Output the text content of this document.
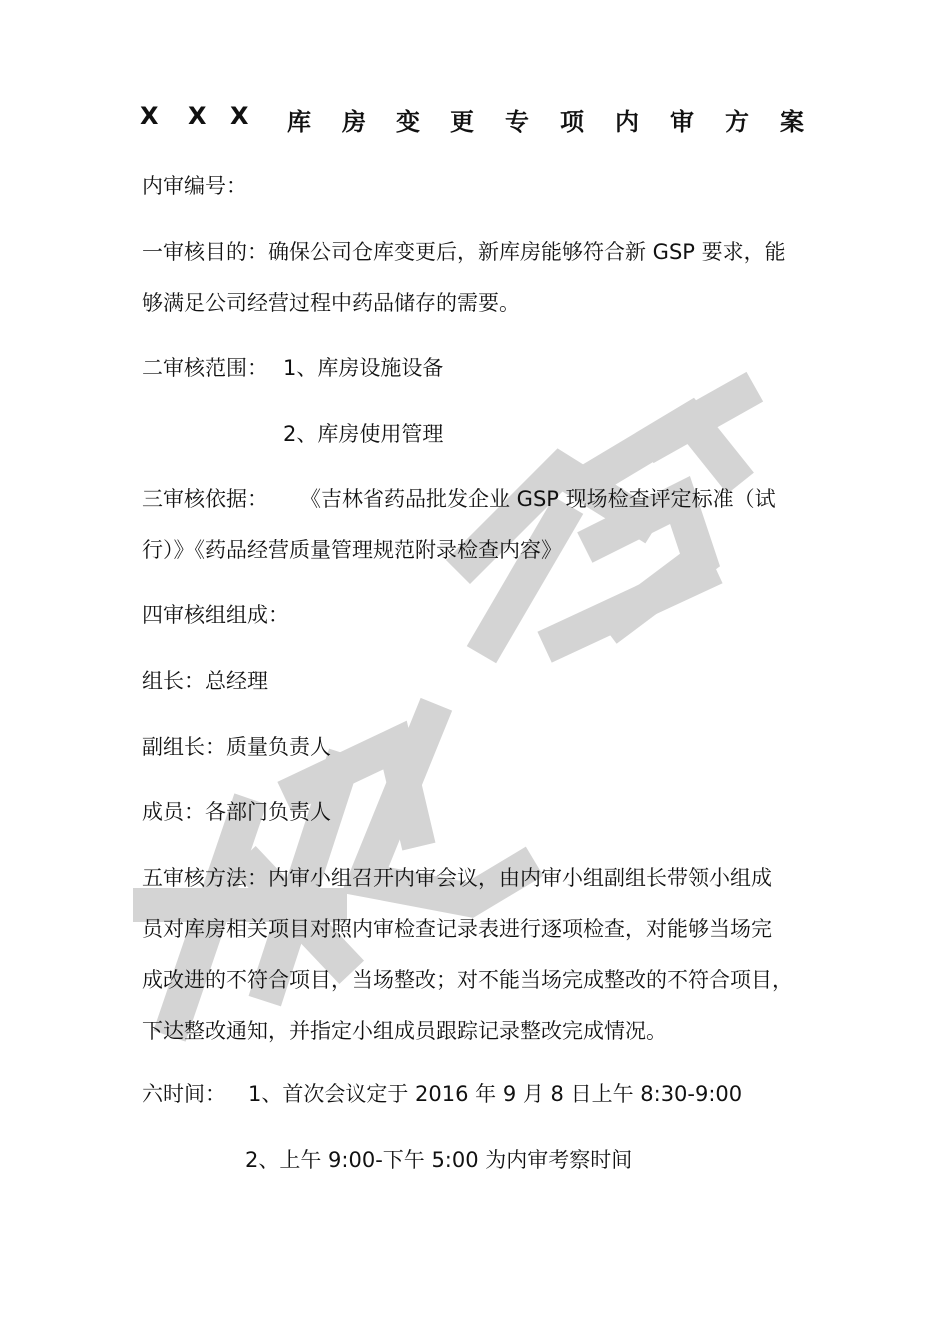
X X X 库 房 变 更 专 项 内 审 方 案
内审编号：
一审核目的：确保公司仓库变更后，新库房能够符合新 GSP 要求，能
够满足公司经营过程中药品储存的需要。
二审核范围： 1、库房设施设备
2、库房使用管理
三审核依据： 《吉林省药品批发企业 GSP 现场检查评定标准（试
行）》《药品经营质量管理规范附录检查内容》
四审核组组成：
组长：总经理
副组长：质量负责人
成员：各部门负责人
五审核方法：内审小组召开内审会议，由内审小组副组长带领小组成
员对库房相关项目对照内审检查记录表进行逐项检查，对能够当场完
成改进的不符合项目，当场整改；对不能当场完成整改的不符合项目，
下达整改通知，并指定小组成员跟踪记录整改完成情况。
六时间： 1、首次会议定于 2016 年 9 月 8 日上午 8:30-9:00
2、上午 9:00-下午 5:00 为内审考察时间
